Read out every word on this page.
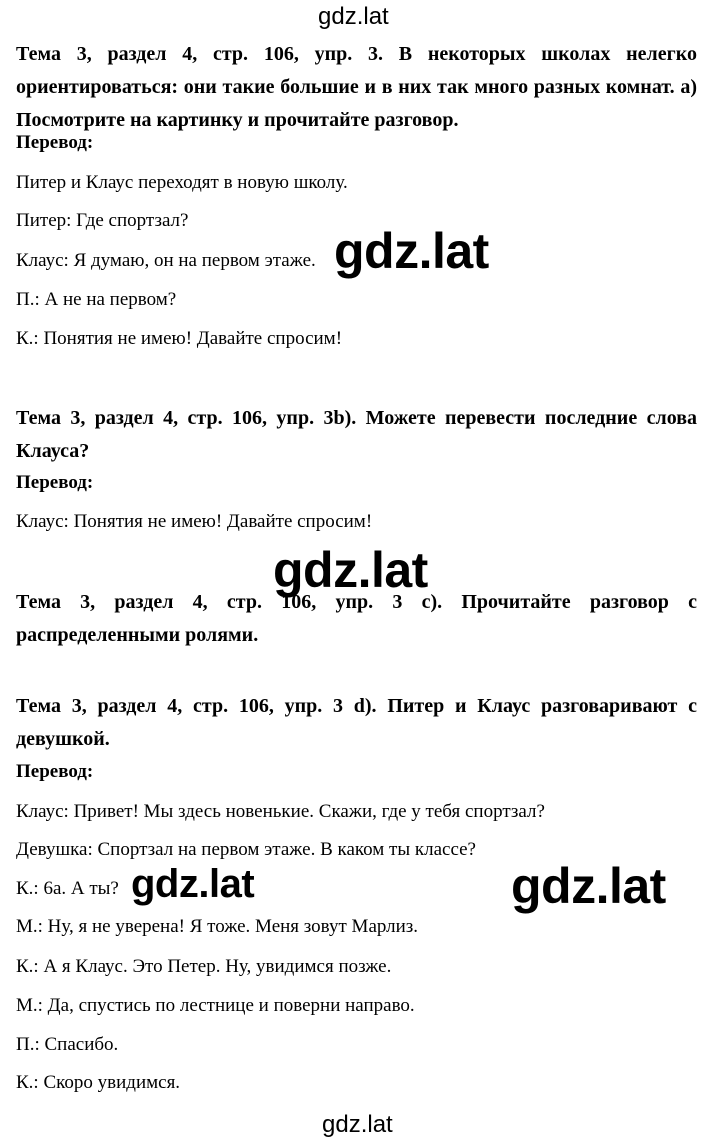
gdz.lat

Тема 3, раздел 4, стр. 106, упр. 3. В некоторых школах нелегко ориентироваться: они такие большие и в них так много разных комнат. а) Посмотрите на картинку и прочитайте разговор.

Перевод:

Питер и Клаус переходят в новую школу.

Питер: Где спортзал?

Клаус: Я думаю, он на первом этаже.

П.: А не на первом?

К.: Понятия не имею! Давайте спросим!

gdz.lat

Тема 3, раздел 4, стр. 106, упр. 3b). Можете перевести последние слова Клауса?

Перевод:

Клаус: Понятия не имею! Давайте спросим!

gdz.lat

Тема 3, раздел 4, стр. 106, упр. 3 c). Прочитайте разговор с распределенными ролями.

Тема 3, раздел 4, стр. 106, упр. 3 d). Питер и Клаус разговаривают с девушкой.

Перевод:

Клаус: Привет! Мы здесь новенькие. Скажи, где у тебя спортзал?

Девушка: Спортзал на первом этаже. В каком ты классе?

К.: 6а. А ты?

М.: Ну, я не уверена! Я тоже. Меня зовут Марлиз.

К.: А я Клаус. Это Петер. Ну, увидимся позже.

М.: Да, спустись по лестнице и поверни направо.

П.: Спасибо.

К.: Скоро увидимся.

gdz.lat	gdz.lat
gdz.lat
